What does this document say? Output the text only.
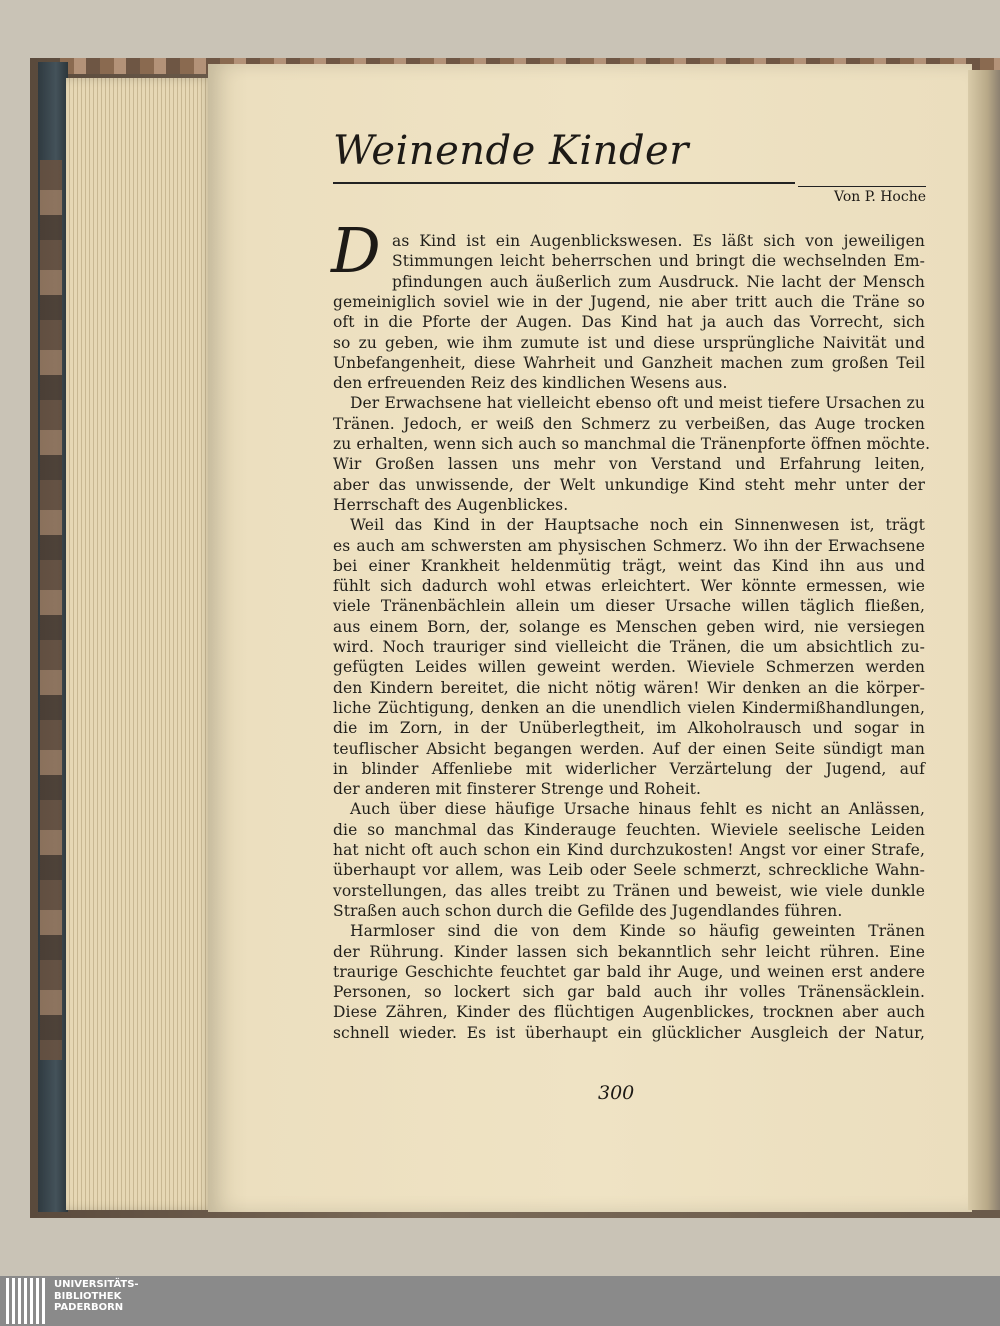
Weinende Kinder
Von P. Hoche
D as Kind ist ein Augenblickswesen. Es läßt sich von jeweiligen
Stimmungen leicht beherrschen und bringt die wechselnden Em-
pfindungen auch äußerlich zum Ausdruck. Nie lacht der Mensch
gemeiniglich soviel wie in der Jugend, nie aber tritt auch die Träne so
oft in die Pforte der Augen. Das Kind hat ja auch das Vorrecht, sich
so zu geben, wie ihm zumute ist und diese ursprüngliche Naivität und
Unbefangenheit, diese Wahrheit und Ganzheit machen zum großen Teil
den erfreuenden Reiz des kindlichen Wesens aus.
Der Erwachsene hat vielleicht ebenso oft und meist tiefere Ursachen zu
Tränen. Jedoch, er weiß den Schmerz zu verbeißen, das Auge trocken
zu erhalten, wenn sich auch so manchmal die Tränenpforte öffnen möchte.
Wir Großen lassen uns mehr von Verstand und Erfahrung leiten,
aber das unwissende, der Welt unkundige Kind steht mehr unter der
Herrschaft des Augenblickes.
Weil das Kind in der Hauptsache noch ein Sinnenwesen ist, trägt
es auch am schwersten am physischen Schmerz. Wo ihn der Erwachsene
bei einer Krankheit heldenmütig trägt, weint das Kind ihn aus und
fühlt sich dadurch wohl etwas erleichtert. Wer könnte ermessen, wie
viele Tränenbächlein allein um dieser Ursache willen täglich fließen,
aus einem Born, der, solange es Menschen geben wird, nie versiegen
wird. Noch trauriger sind vielleicht die Tränen, die um absichtlich zu-
gefügten Leides willen geweint werden. Wieviele Schmerzen werden
den Kindern bereitet, die nicht nötig wären! Wir denken an die körper-
liche Züchtigung, denken an die unendlich vielen Kindermißhandlungen,
die im Zorn, in der Unüberlegtheit, im Alkoholrausch und sogar in
teuflischer Absicht begangen werden. Auf der einen Seite sündigt man
in blinder Affenliebe mit widerlicher Verzärtelung der Jugend, auf
der anderen mit finsterer Strenge und Roheit.
Auch über diese häufige Ursache hinaus fehlt es nicht an Anlässen,
die so manchmal das Kinderauge feuchten. Wieviele seelische Leiden
hat nicht oft auch schon ein Kind durchzukosten! Angst vor einer Strafe,
überhaupt vor allem, was Leib oder Seele schmerzt, schreckliche Wahn-
vorstellungen, das alles treibt zu Tränen und beweist, wie viele dunkle
Straßen auch schon durch die Gefilde des Jugendlandes führen.
Harmloser sind die von dem Kinde so häufig geweinten Tränen
der Rührung. Kinder lassen sich bekanntlich sehr leicht rühren. Eine
traurige Geschichte feuchtet gar bald ihr Auge, und weinen erst andere
Personen, so lockert sich gar bald auch ihr volles Tränensäcklein.
Diese Zähren, Kinder des flüchtigen Augenblickes, trocknen aber auch
schnell wieder. Es ist überhaupt ein glücklicher Ausgleich der Natur,
300
UNIVERSITÄTS-
BIBLIOTHEK
PADERBORN
